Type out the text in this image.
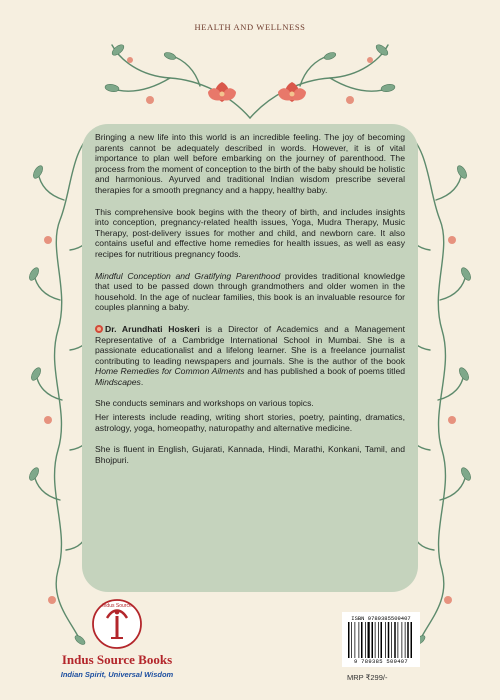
HEALTH AND WELLNESS

Bringing a new life into this world is an incredible feeling. The joy of becoming parents cannot be adequately described in words. However, it is of vital importance to plan well before embarking on the journey of parenthood. The process from the moment of conception to the birth of the baby should be holistic and harmonious. Ayurved and traditional Indian wisdom prescribe several therapies for a smooth pregnancy and a happy, healthy baby.

This comprehensive book begins with the theory of birth, and includes insights into conception, pregnancy-related health issues, Yoga, Mudra Therapy, Music Therapy, post-delivery issues for mother and child, and newborn care. It also contains useful and effective home remedies for health issues, as well as easy recipes for nutritious pregnancy foods.

Mindful Conception and Gratifying Parenthood provides traditional knowledge that used to be passed down through grandmothers and older women in the household. In the age of nuclear families, this book is an invaluable resource for couples planning a baby.

Dr. Arundhati Hoskeri is a Director of Academics and a Management Representative of a Cambridge International School in Mumbai. She is a passionate educationalist and a lifelong learner. She is a freelance journalist contributing to leading newspapers and journals. She is the author of the book Home Remedies for Common Ailments and has published a book of poems titled Mindscapes.

She conducts seminars and workshops on various topics.

Her interests include reading, writing short stories, poetry, painting, dramatics, astrology, yoga, homeopathy, naturopathy and alternative medicine.

She is fluent in English, Gujarati, Kannada, Hindi, Marathi, Konkani, Tamil, and Bhojpuri.

Indus Source
Indus Source Books
Indian Spirit, Universal Wisdom
ISBN 9789385509407
9 789385 509407
MRP ₹299/-
